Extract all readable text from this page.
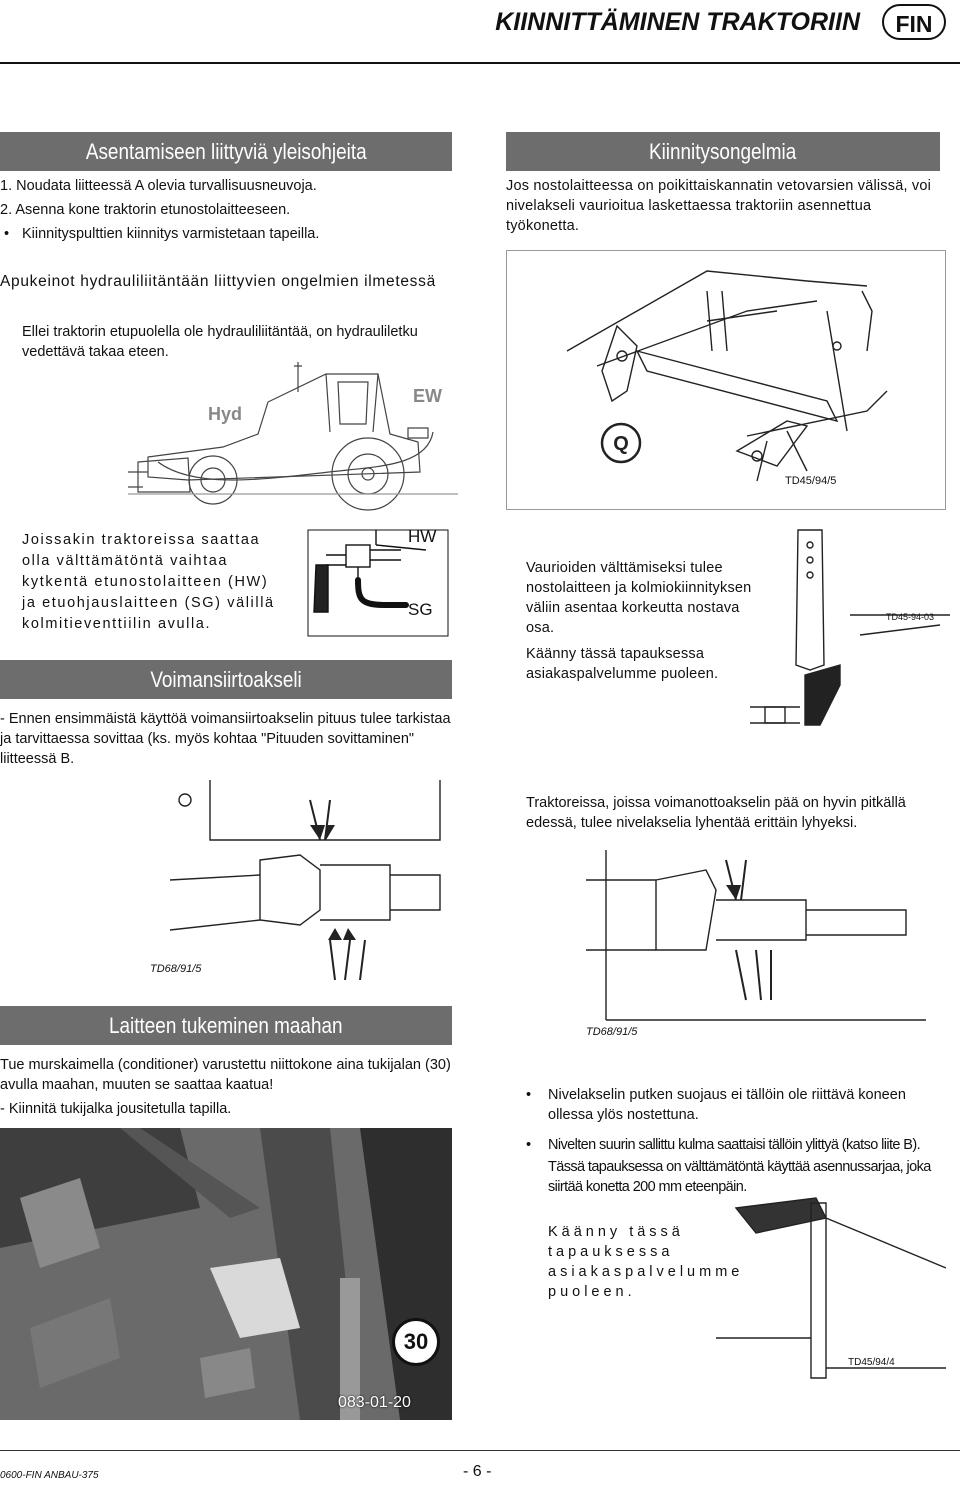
KIINNITTÄMINEN TRAKTORIIN	FIN
Asentamiseen liittyviä yleisohjeita
1. Noudata liitteessä A olevia turvallisuusneuvoja.
2. Asenna kone traktorin etunostolaitteeseen.
• Kiinnityspulttien kiinnitys varmistetaan tapeilla.
Apukeinot hydrauliliitäntään liittyvien ongelmien ilmetessä
Ellei traktorin etupuolella ole hydrauliliitäntää, on hydrauliletku vedettävä takaa eteen.
Hyd
EW
Kiinnitysongelmia
Jos nostolaitteessa on poikittaiskannatin vetovarsien välissä, voi nivelakseli vaurioitua laskettaessa traktoriin asennettua työkonetta.
Q
TD45/94/5
Joissakin traktoreissa saattaa olla välttämätöntä vaihtaa kytkentä etunostolaitteen (HW) ja etuohjauslaitteen (SG) välillä kolmitieventtiilin avulla.
HW
SG
Vaurioiden välttämiseksi tulee nostolaitteen ja kolmiokiinnityksen väliin asentaa korkeutta nostava osa.
Käänny tässä tapauksessa asiakaspalvelumme puoleen.
TD45-94-03
Voimansiirtoakseli
- Ennen ensimmäistä käyttöä voimansiirtoakselin pituus tulee tarkistaa ja tarvittaessa sovittaa (ks. myös kohtaa "Pituuden sovittaminen" liitteessä B.
TD68/91/5
Traktoreissa, joissa voimanottoakselin pää on hyvin pitkällä edessä, tulee nivelakselia lyhentää erittäin lyhyeksi.
TD68/91/5
Laitteen tukeminen maahan
Tue murskaimella (conditioner) varustettu niittokone aina tukijalan (30) avulla maahan, muuten se saattaa kaatua!
- Kiinnitä tukijalka jousitetulla tapilla.
30
083-01-20
• Nivelakselin putken suojaus ei tällöin ole riittävä koneen ollessa ylös nostettuna.
• Nivelten suurin sallittu kulma saattaisi tällöin ylittyä (katso liite B).
Tässä tapauksessa on välttämätöntä käyttää asennussarjaa, joka siirtää konetta 200 mm eteenpäin.
Käänny tässä tapauksessa asiakaspalvelumme puoleen.
TD45/94/4
0600-FIN ANBAU-375	- 6 -
